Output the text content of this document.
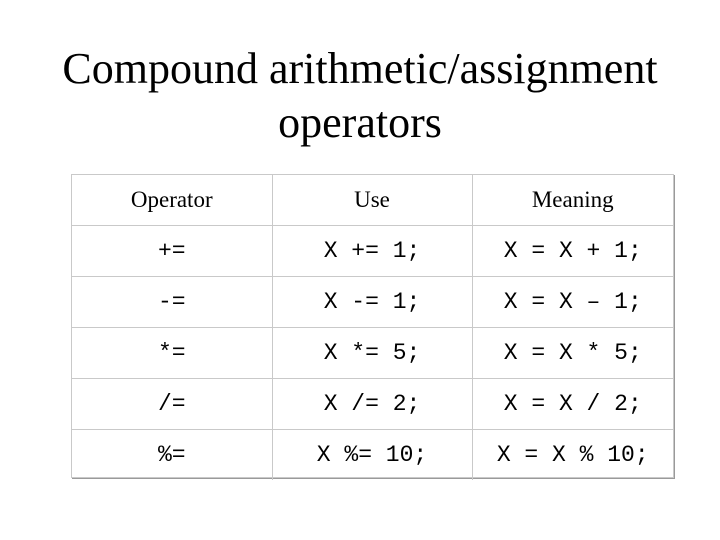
Compound arithmetic/assignment
operators
Operator	Use	Meaning
+=	X += 1;	X = X + 1;
-=	X -= 1;	X = X – 1;
*=	X *= 5;	X = X * 5;
/=	X /= 2;	X = X / 2;
%=	X %= 10;	X = X % 10;
